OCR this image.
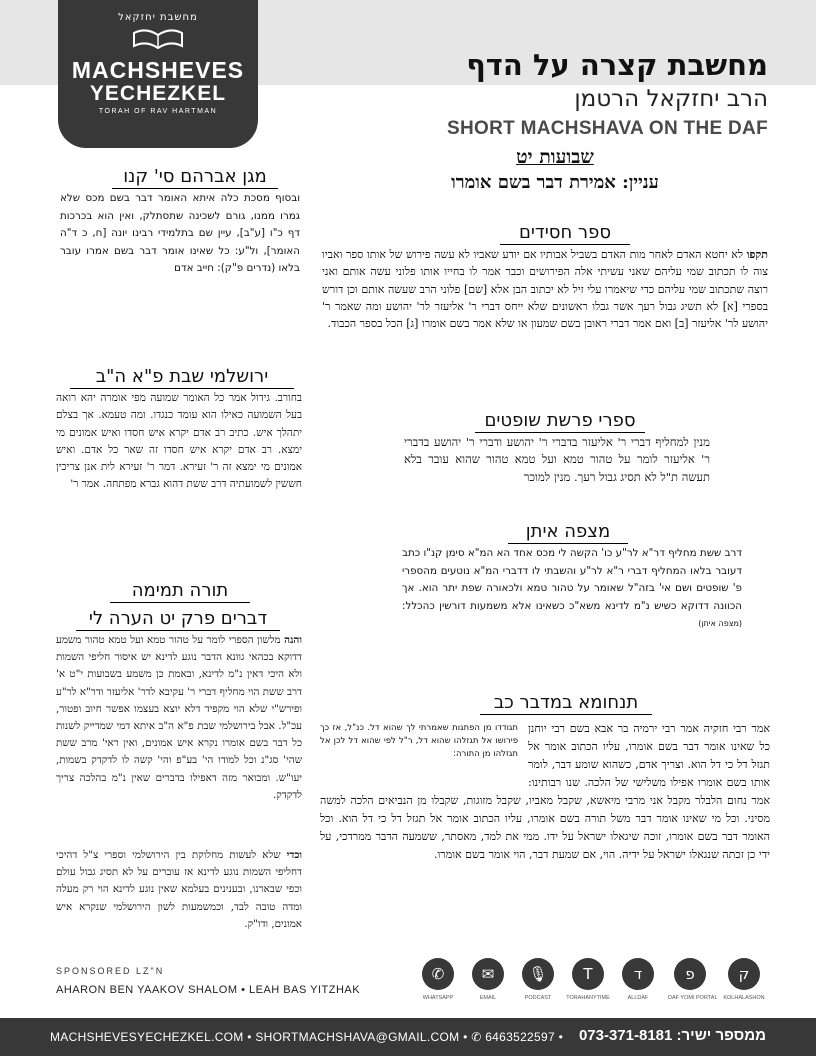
מחשבת יחזקאל
MACHSHEVES
YECHEZKEL
TORAH OF RAV HARTMAN
מחשבת קצרה על הדף
הרב יחזקאל הרטמן
SHORT MACHSHAVA ON THE DAF
שבועות יט
עניין: אמירת דבר בשם אומרו
ספר חסידים
תקפו לא יחטא האדם לאחר מות האדם בשביל אבותיו אם יודע שאביו לא עשה פירוש של אותו ספר ואביו צוה לו תכתוב שמי עליהם שאני עשיתי אלה הפירושים וכבר אמר לו בחייו אותו פלוני עשה אותם ואני רוצה שתכתוב שמי עליהם כדי שיאמרו עלי זיל לא יכתוב הבן אלא [שם] פלוני הרב שעשה אותם וכן דורש בספרי [א] לא תשיג גבול רעך אשר גבלו ראשונים שלא ייחס דברי ר' אליעזר לר' יהושע ומה שאמר ר' יהושע לר' אליעזר [ב] ואם אמר דברי ראובן בשם שמעון או שלא אמר בשם אומרו [ג] הכל בספר הכבוד.
ספרי פרשת שופטים
מנין למחליף דברי ר' אליעזר בדברי ר' יהושע ודברי ר' יהושע בדברי ר' אליעזר לומר על טהור טמא ועל טמא טהור שהוא עובר בלא תעשה ת"ל לא תסיג גבול רעך. מנין למוכר
מצפה איתן
דרב ששת מחליף דר"א לר"ע כו' הקשה לי מכס אחד הא המ"א סימן קנ"ו כתב דעובר בלאו המחליף דברי ר"א לר"ע והשבתי לו דדברי המ"א נוטעים מהספרי פ' שופטים ושם אי' בזה"ל שאומר על טהור טמא ולכאורה שפת יתר הוא. אך הכוונה דדוקא כשיש נ"מ לדינא משא"כ כשאינו אלא משמעות דורשין כהכלל: (מצפה איתן)
מגן אברהם סי' קנו
ובסוף מסכת כלה איתא האומר דבר בשם מכס שלא גמרו ממנו, גורם לשכינה שתסתלק, ואין הוא בכרכות דף כ"ו [ע"ב], עיין שם בתלמידי רבינו יונה [ח, כ ד"ה האומר], ול"ע: כל שאינו אומר דבר בשם אמרו עובר בלאו (נדרים פ"ק): חייב אדם
ירושלמי שבת פ"א ה"ב
בחורב. גידול אמר כל האומר שמועה מפי אומרה יהא רואה בעל השמועה כאילו הוא עומד כנגדו. ומה טעמא. אך בצלם יתהלך איש. כתיב רב אדם יקרא איש חסדו ואיש אמונים מי ימצא. רב אדם יקרא איש חסדו זה שאר כל אדם. ואיש אמונים מי ימצא זה ר' זעירא. דמר ר' זעירא לית אנן צריכין חששין לשמועתיה דרב ששת דהוא גברא מפתחה. אמר ר'
תורה תמימה
דברים פרק יט הערה לי
והנה מלשון הספרי לומר על טהור טמא ועל טמא טהור משמע דדוקא בכהאי גוונא הדבר נוגע לדינא יש איסור חליפי השמות ולא היכי דאין נ"מ לדינא, ובאמת כן משמע בשבועות י"ט א' דרב ששת הוי מחליף דברי ר' עקיבא לדר' אליעזר ודר"א לר"ע ופירש"י שלא הוי מקפיד דלא יוצא בעצמו אפשר חיוב ופטור, עכ"ל. אבל בירושלמי שבת פ"א ה"ב איתא דמי שמדייק לשנות כל דבר בשם אומרו נקרא איש אמונים, ואין ראי' מרב ששת שהי' סג"נ וכל למודו הי' בע"פ והי' קשה לו לדקדק בשמות, יעו"ש. ומבואר מזה דאפילו בדברים שאין נ"מ בהלכה צריך לדקדק.
וכדי שלא לעשות מחלוקת בין הירושלמי וספרי צ"ל דהיכי דחליפי השמות נוגע לדינא אז עוברים על לא תסיג גבול עולם וכפי שבארנו, ובענינים בעלמא שאין נוגע לדינא הוי רק מעלה ומדה טובה לבד, וכמשמעות לשון הירושלמי שנקרא איש אמונים, ודו"ק.
תנחומא במדבר כב
תגודדו מן הפתגות שאמרתי לך שהוא דל. כנ"ל, אז כך פירושו אל תגזלהו שהוא דל, ר"ל לפי שהוא דל לכן אל תגזלהו מן התורה:
אמר רבי חזקיה אמר רבי ירמיה בר אבא בשם רבי יוחנן כל שאינו אומר דבר בשם אומרו, עליו הכתוב אומר אל תגזל דל כי דל הוא. וצריך אדם, כשהוא שומע דבר, לומר אותו בשם אומרו אפילו משלישי של הלכה. שנו רבותינו: אמר נחום הלבלר מקבל אני מרבי מיאשא, שקבל מאביו, שקבל מזוגות, שקבלו מן הנביאים הלכה למשה מסיני. וכל מי שאינו אומר דבר משל תורה בשם אומרו, עליו הכתוב אומר אל תגזל דל כי דל הוא. וכל האומר דבר בשם אומרו, זוכה שיגאלו ישראל על ידו. ממי את למד, מאסתר, ששמעה הדבר ממרדכי, על ידי כן זכתה שנגאלו ישראל על ידיה. הוי, אם שמעת דבר, הוי אומר בשם אומרו.
SPONSORED LZ"N
AHARON BEN YAAKOV SHALOM • LEAH BAS YITZHAK
✆
WHATSAPP
✉
EMAIL
🎙
PODCAST
T
TORAHANYTIME
ד
ALLDAF
פ
DAF YOMI PORTAL
ק
KOLHALASHON
MACHSHEVESYECHEZKEL.COM • SHORTMACHSHAVA@GMAIL.COM • ✆ 6463522597 • ממספר ישיר: 073-371-8181
